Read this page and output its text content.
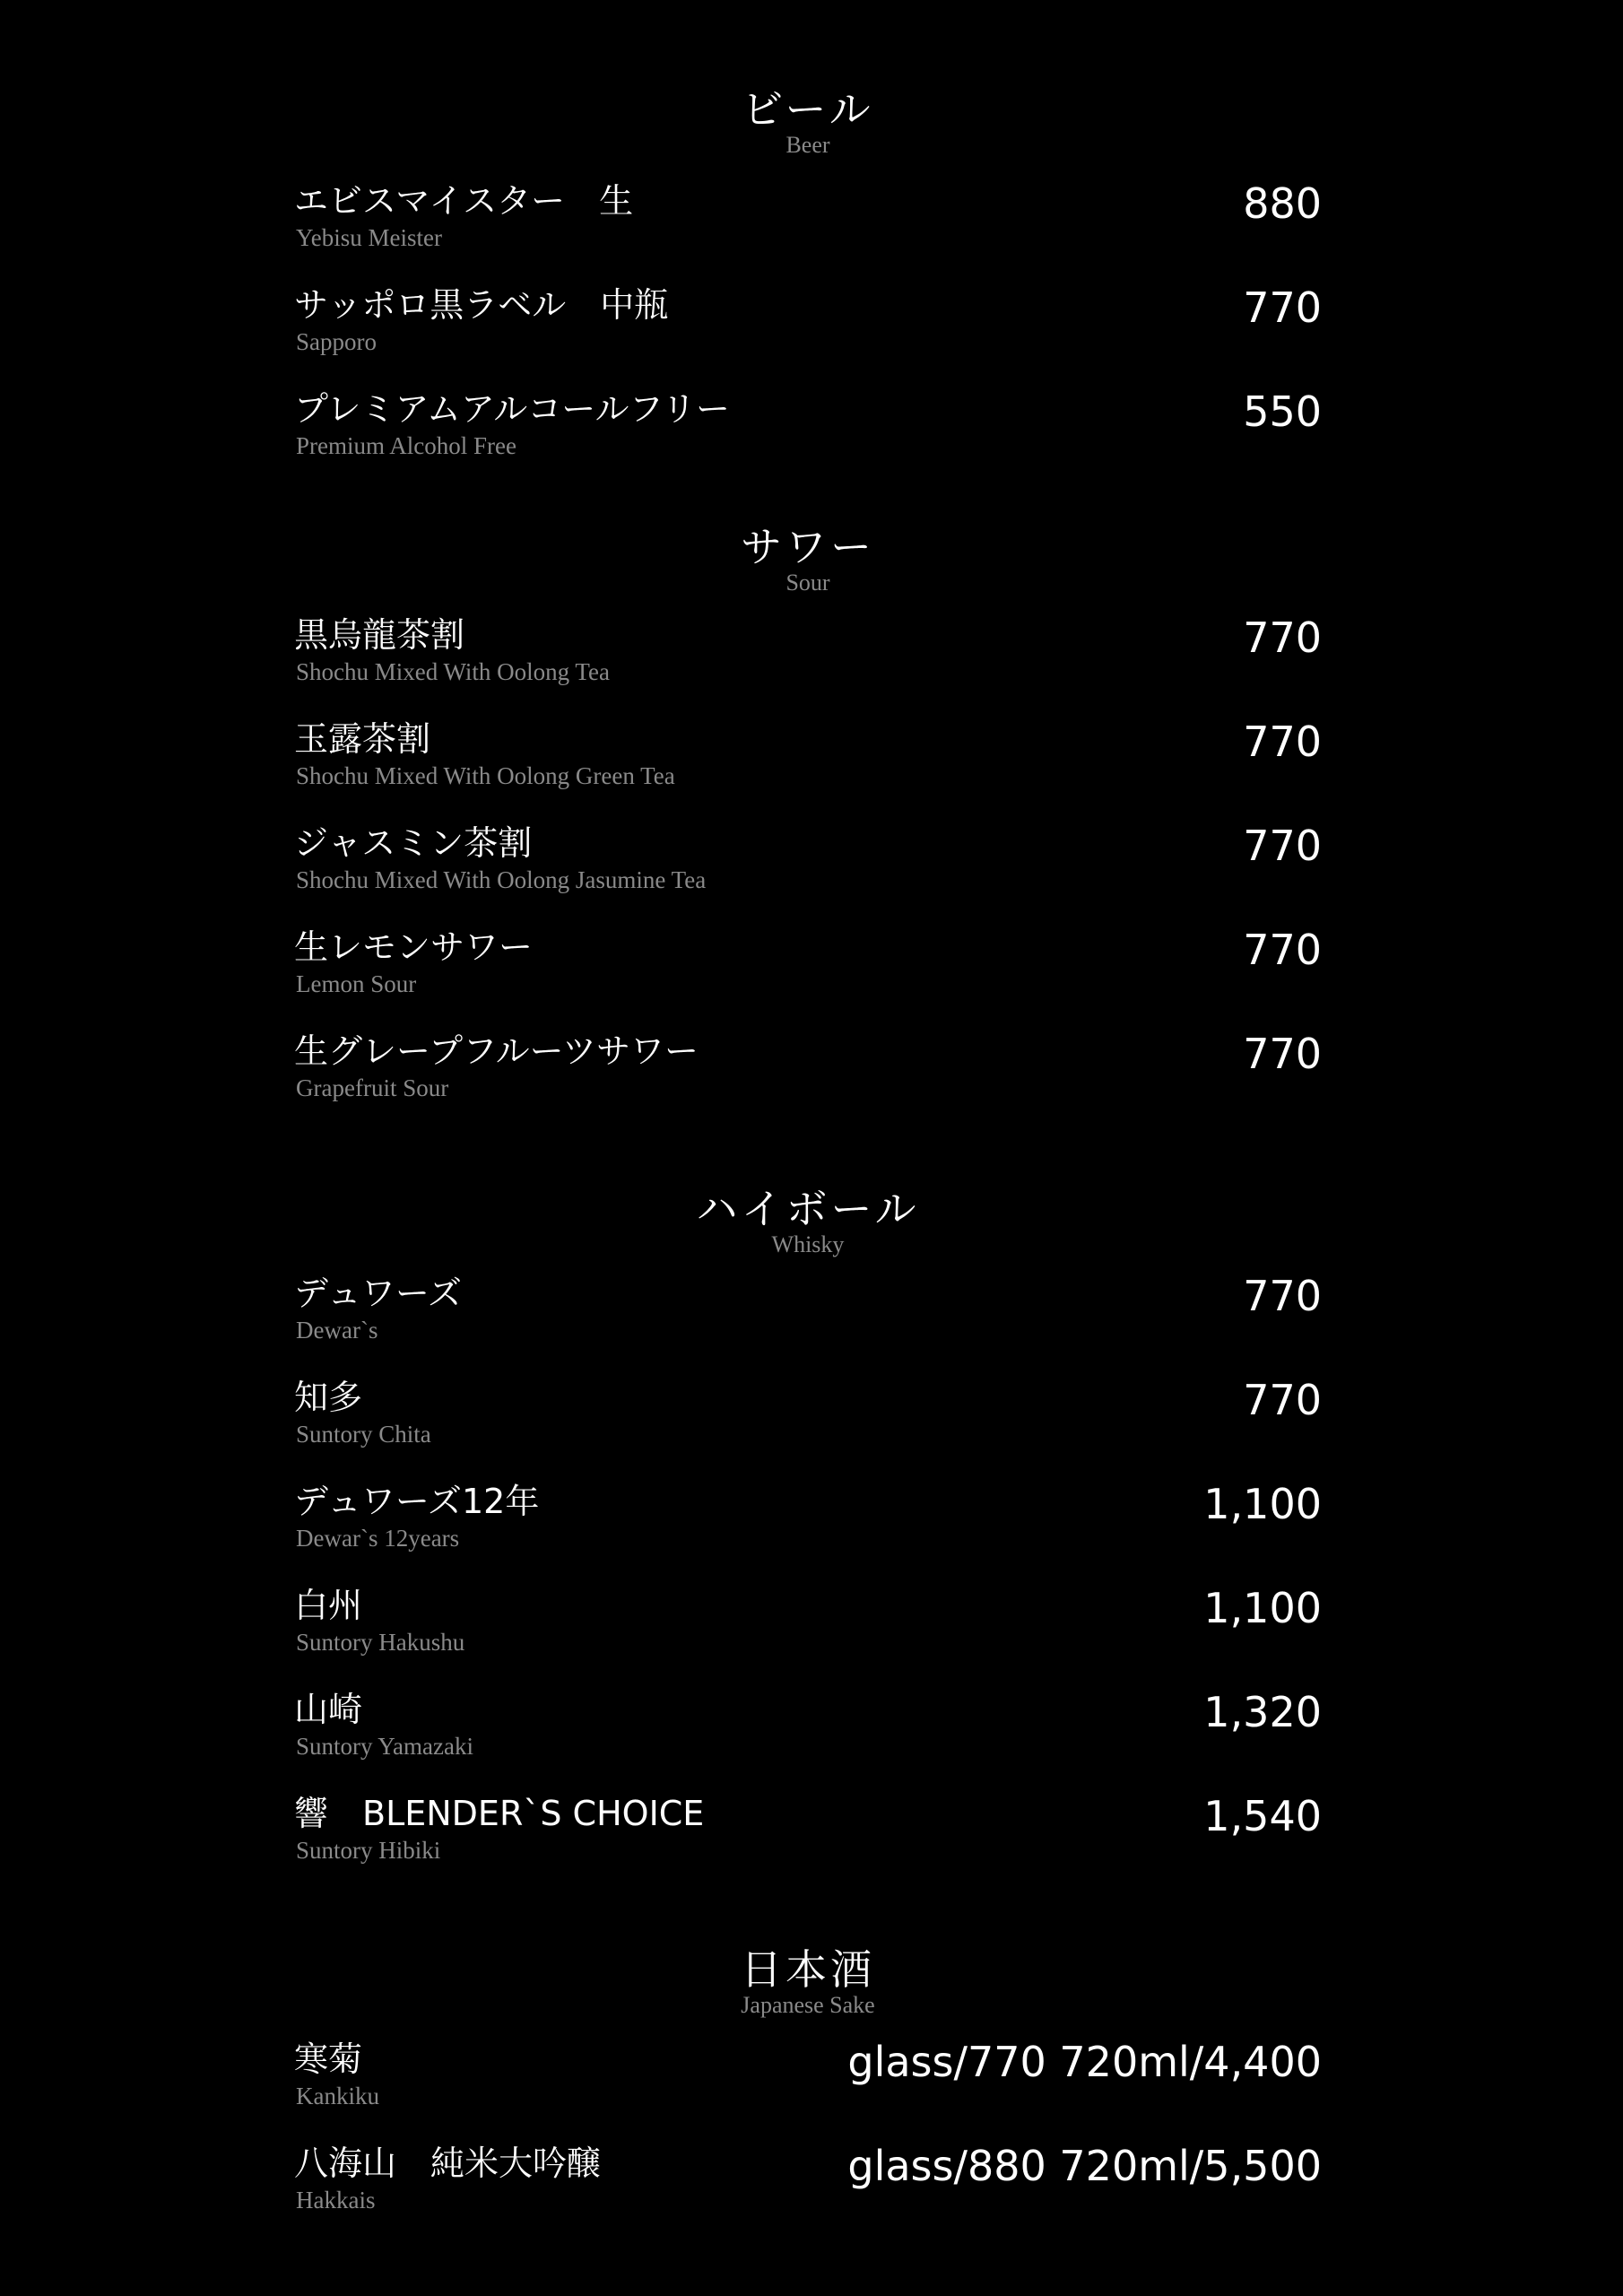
ビール
Beer
エビスマイスター　生
Yebisu Meister
880
サッポロ黒ラベル　中瓶
Sapporo
770
プレミアムアルコールフリー
Premium Alcohol Free
550
サワー
Sour
黒烏龍茶割
Shochu Mixed With Oolong Tea
770
玉露茶割
Shochu Mixed With Oolong Green Tea
770
ジャスミン茶割
Shochu Mixed With Oolong Jasumine Tea
770
生レモンサワー
Lemon Sour
770
生グレープフルーツサワー
Grapefruit Sour
770
ハイボール
Whisky
デュワーズ
Dewar`s
770
知多
Suntory Chita
770
デュワーズ12年
Dewar`s 12years
1,100
白州
Suntory Hakushu
1,100
山崎
Suntory Yamazaki
1,320
響　BLENDER`S CHOICE
Suntory Hibiki
1,540
日本酒
Japanese Sake
寒菊
Kankiku
glass/770 720ml/4,400
八海山　純米大吟醸
Hakkais
glass/880 720ml/5,500
